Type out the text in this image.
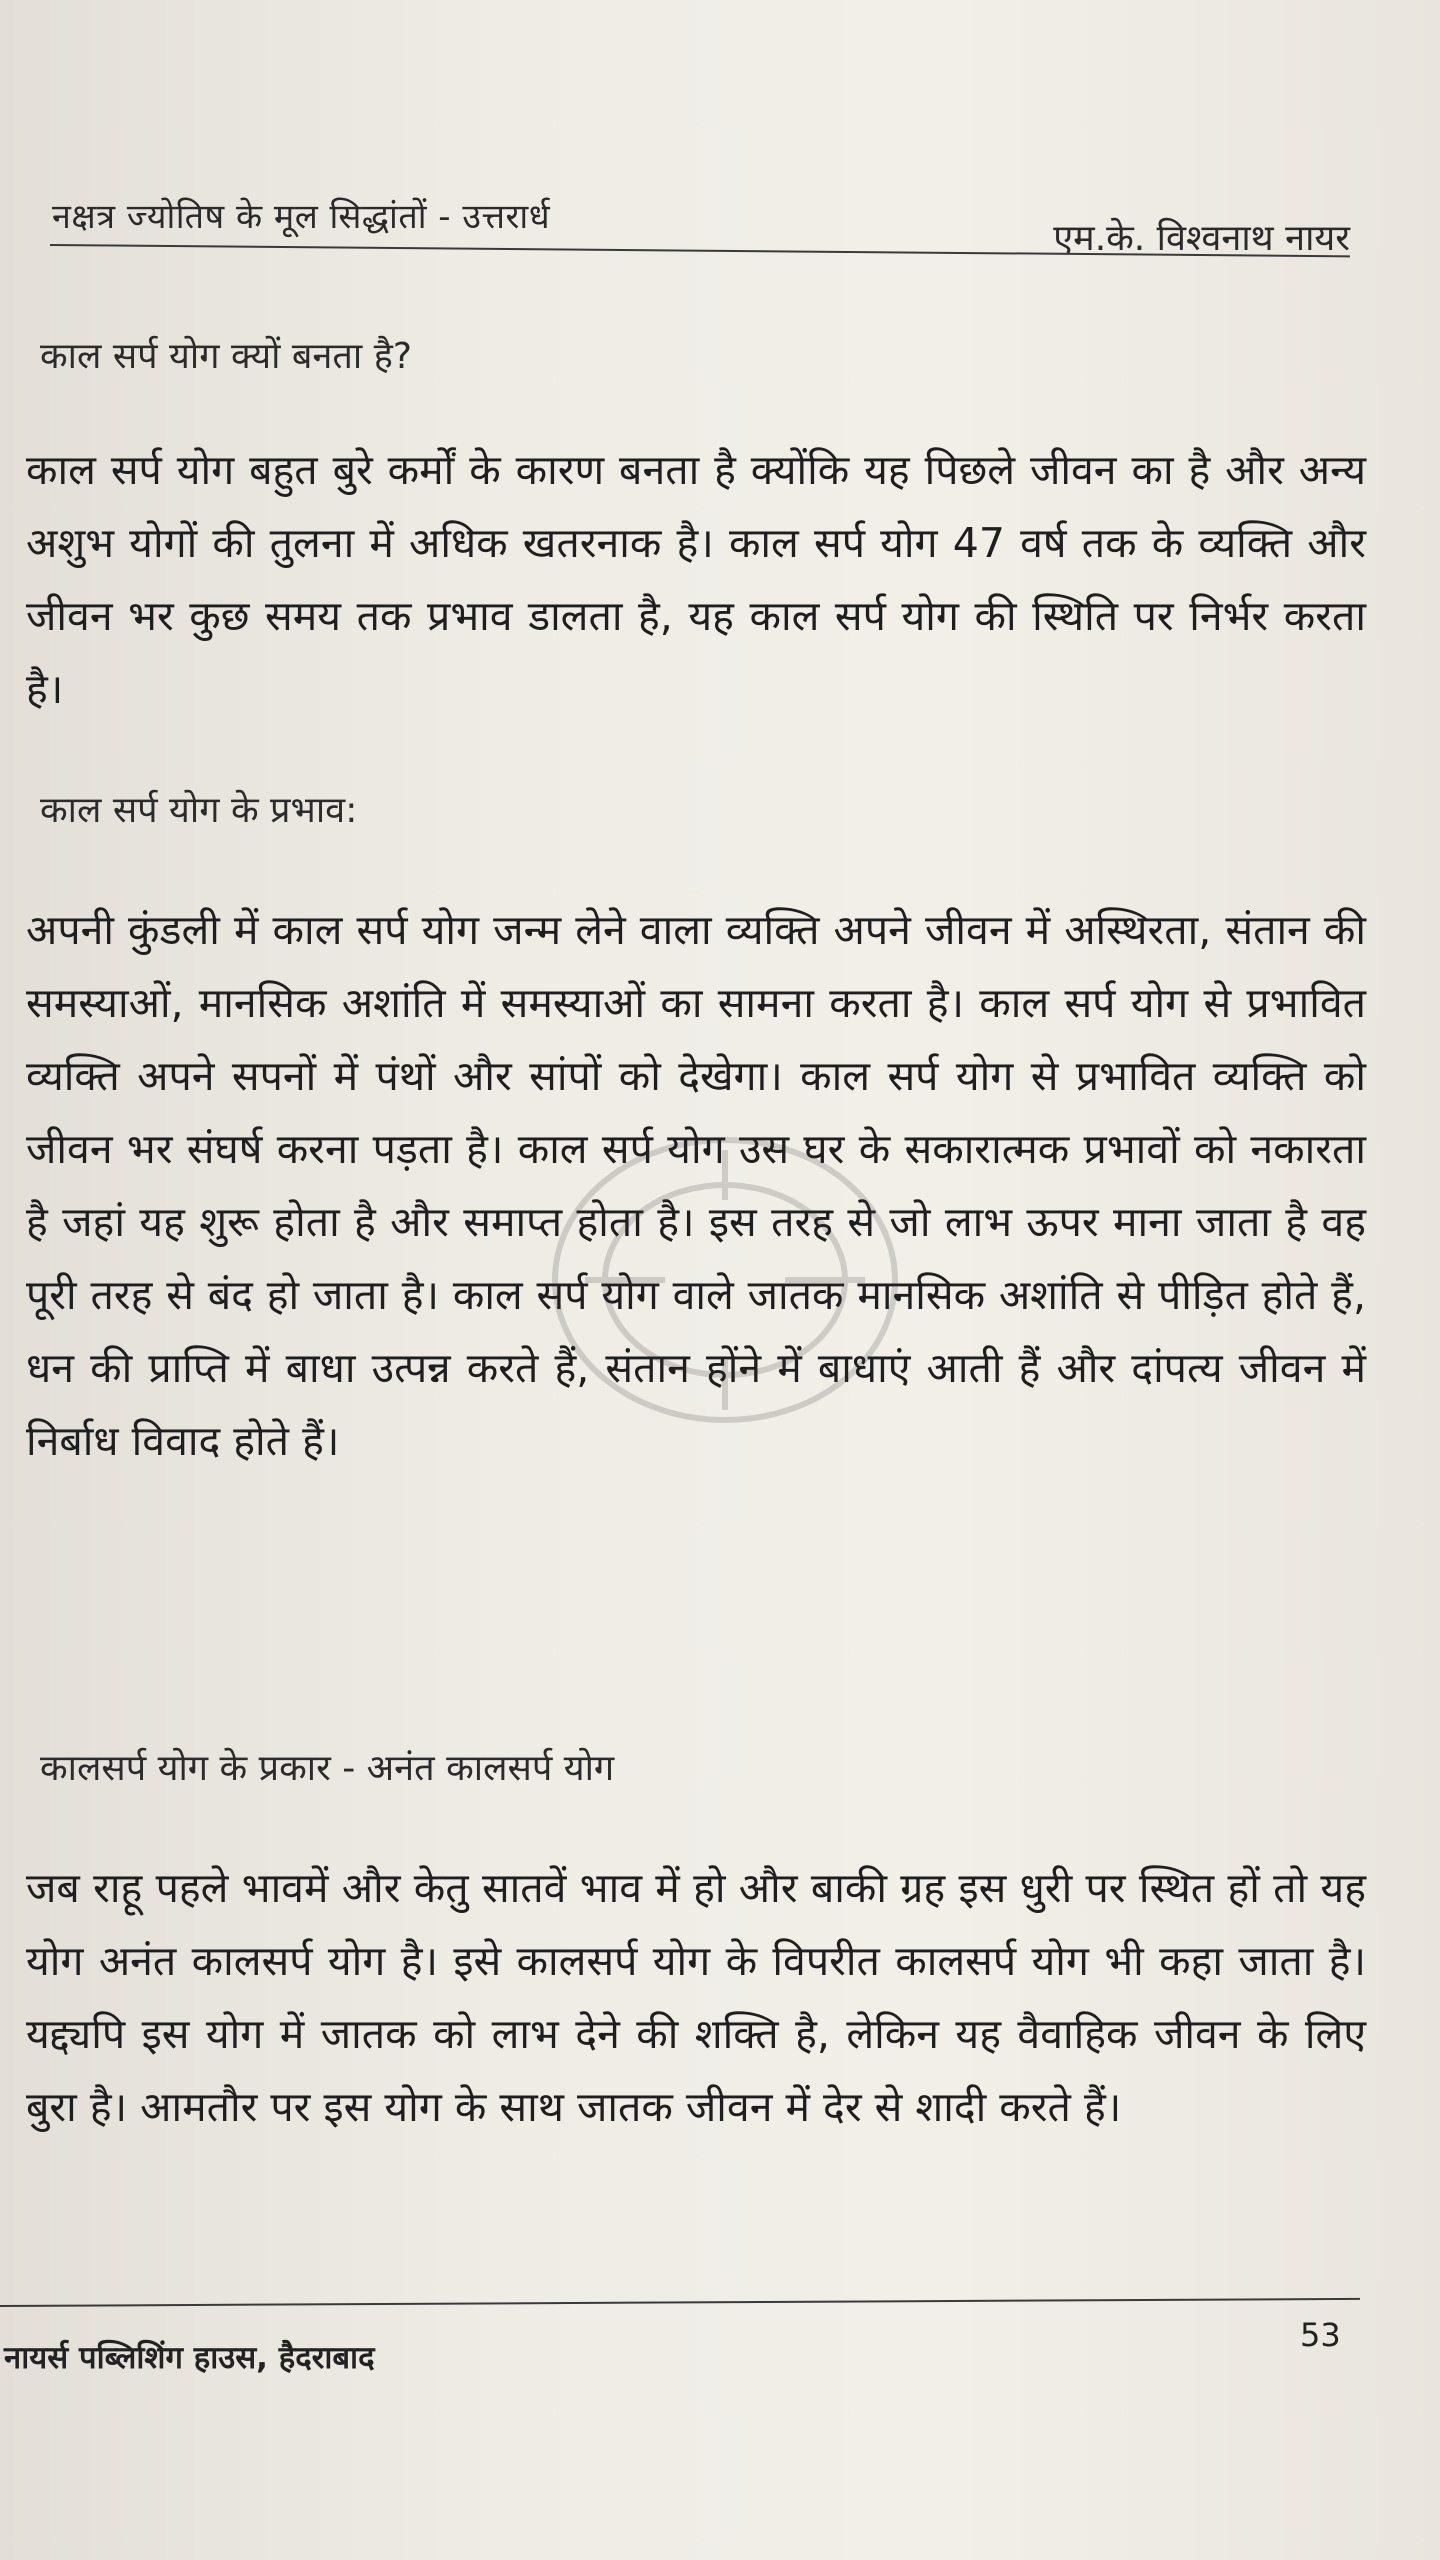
नक्षत्र ज्योतिष के मूल सिद्धांतों - उत्तरार्ध
एम.के. विश्वनाथ नायर
काल सर्प योग क्यों बनता है?
काल सर्प योग बहुत बुरे कर्मों के कारण बनता है क्योंकि यह पिछले जीवन का है और अन्य अशुभ योगों की तुलना में अधिक खतरनाक है। काल सर्प योग 47 वर्ष तक के व्यक्ति और जीवन भर कुछ समय तक प्रभाव डालता है, यह काल सर्प योग की स्थिति पर निर्भर करता है।
काल सर्प योग के प्रभाव:
अपनी कुंडली में काल सर्प योग जन्म लेने वाला व्यक्ति अपने जीवन में अस्थिरता, संतान की समस्याओं, मानसिक अशांति में समस्याओं का सामना करता है। काल सर्प योग से प्रभावित व्यक्ति अपने सपनों में पंथों और सांपों को देखेगा। काल सर्प योग से प्रभावित व्यक्ति को जीवन भर संघर्ष करना पड़ता है। काल सर्प योग उस घर के सकारात्मक प्रभावों को नकारता है जहां यह शुरू होता है और समाप्त होता है। इस तरह से जो लाभ ऊपर माना जाता है वह पूरी तरह से बंद हो जाता है। काल सर्प योग वाले जातक मानसिक अशांति से पीड़ित होते हैं, धन की प्राप्ति में बाधा उत्पन्न करते हैं, संतान होंने में बाधाएं आती हैं और दांपत्य जीवन में निर्बाध विवाद होते हैं।
कालसर्प योग के प्रकार - अनंत कालसर्प योग
जब राहू पहले भावमें और केतु सातवें भाव में हो और बाकी ग्रह इस धुरी पर स्थित हों तो यह योग अनंत कालसर्प योग है। इसे कालसर्प योग के विपरीत कालसर्प योग भी कहा जाता है। यद्द्यपि इस योग में जातक को लाभ देने की शक्ति है, लेकिन यह वैवाहिक जीवन के लिए बुरा है। आमतौर पर इस योग के साथ जातक जीवन में देर से शादी करते हैं।
नायर्स पब्लिशिंग हाउस, हैदराबाद
53
